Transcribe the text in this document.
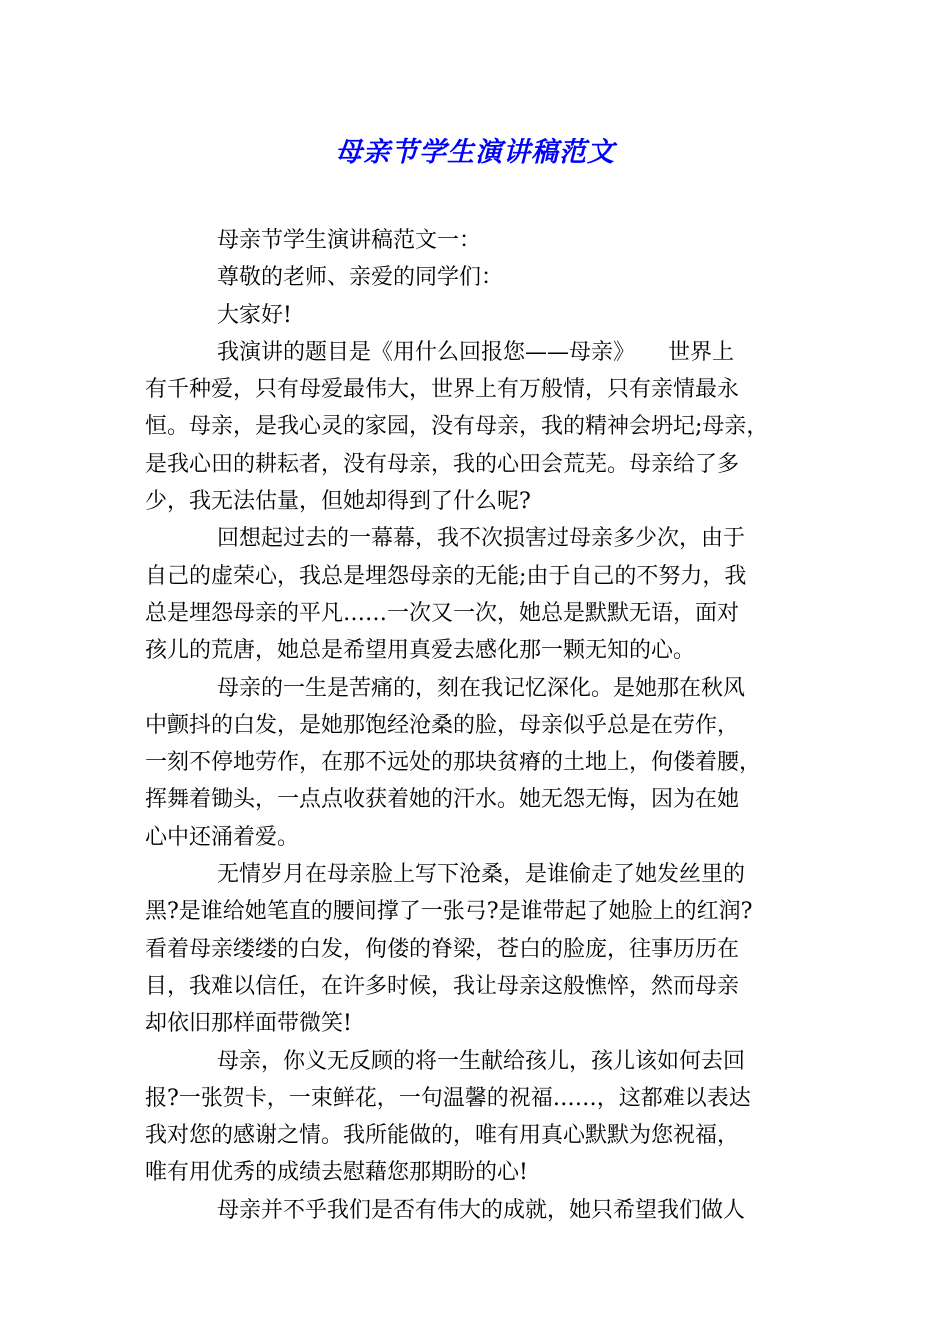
母亲节学生演讲稿范文
母亲节学生演讲稿范文一：
尊敬的老师、亲爱的同学们：
大家好!
我演讲的题目是《用什么回报您——母亲》　　世界上
有千种爱，只有母爱最伟大，世界上有万般情，只有亲情最永
恒。母亲，是我心灵的家园，没有母亲，我的精神会坍圮;母亲，
是我心田的耕耘者，没有母亲，我的心田会荒芜。母亲给了多
少，我无法估量，但她却得到了什么呢?
回想起过去的一幕幕，我不次损害过母亲多少次，由于
自己的虚荣心，我总是埋怨母亲的无能;由于自己的不努力，我
总是埋怨母亲的平凡……一次又一次，她总是默默无语，面对
孩儿的荒唐，她总是希望用真爱去感化那一颗无知的心。
母亲的一生是苦痛的，刻在我记忆深化。是她那在秋风
中颤抖的白发，是她那饱经沧桑的脸，母亲似乎总是在劳作，
一刻不停地劳作，在那不远处的那块贫瘠的土地上，佝偻着腰，
挥舞着锄头，一点点收获着她的汗水。她无怨无悔，因为在她
心中还涌着爱。
无情岁月在母亲脸上写下沧桑，是谁偷走了她发丝里的
黑?是谁给她笔直的腰间撑了一张弓?是谁带起了她脸上的红润?
看着母亲缕缕的白发，佝偻的脊梁，苍白的脸庞，往事历历在
目，我难以信任，在许多时候，我让母亲这般憔悴，然而母亲
却依旧那样面带微笑!
母亲，你义无反顾的将一生献给孩儿，孩儿该如何去回
报?一张贺卡，一束鲜花，一句温馨的祝福……，这都难以表达
我对您的感谢之情。我所能做的，唯有用真心默默为您祝福，
唯有用优秀的成绩去慰藉您那期盼的心!
母亲并不乎我们是否有伟大的成就，她只希望我们做人
